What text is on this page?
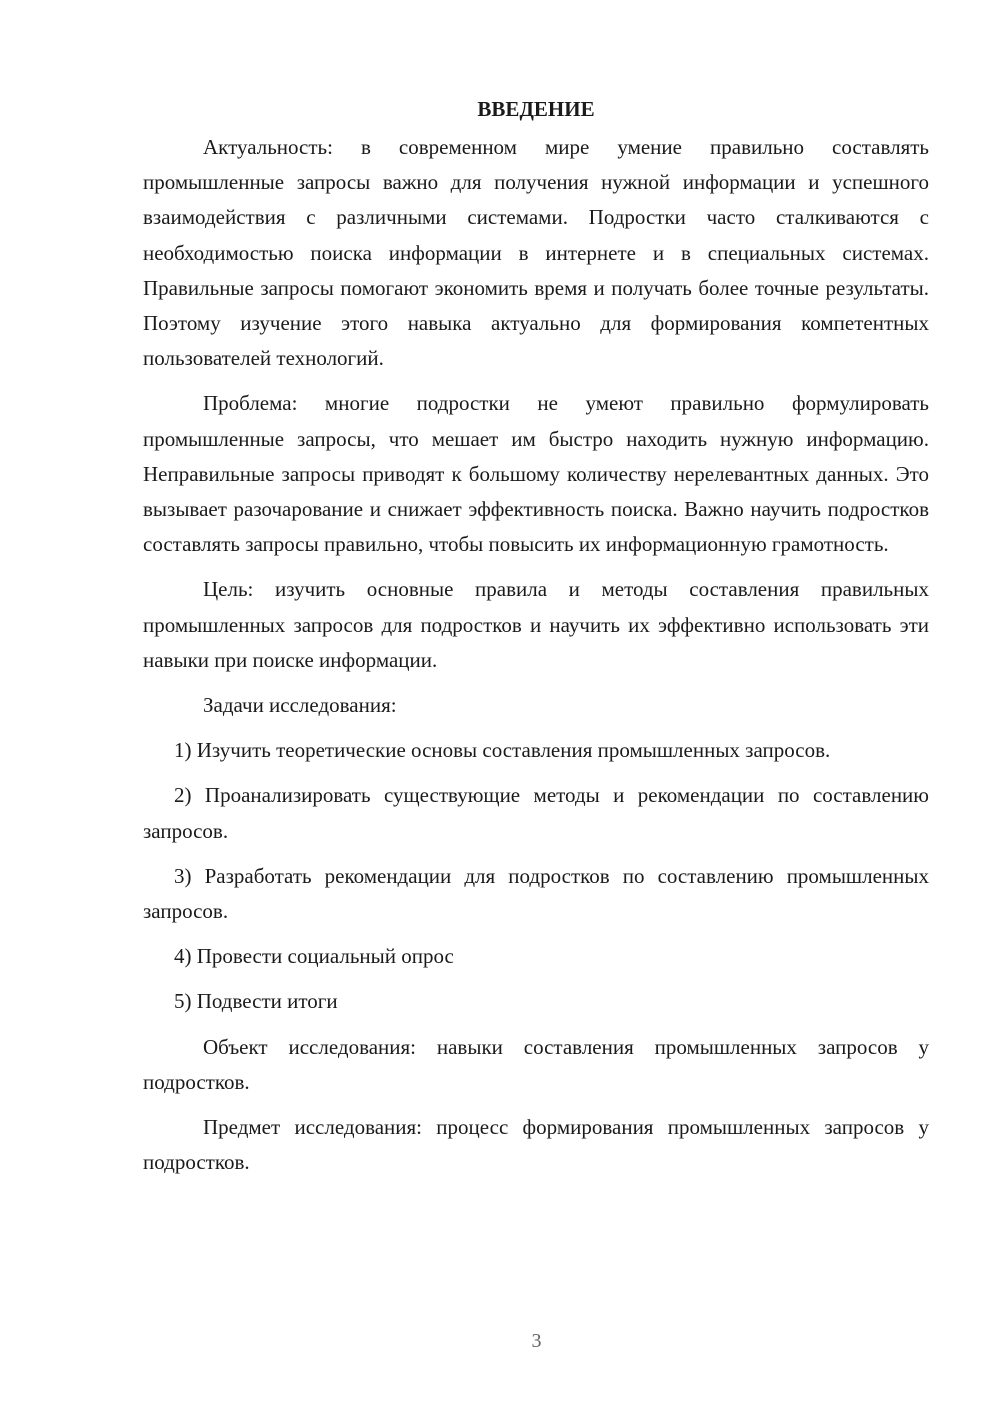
ВВЕДЕНИЕ

Актуальность: в современном мире умение правильно составлять промышленные запросы важно для получения нужной информации и успешного взаимодействия с различными системами. Подростки часто сталкиваются с необходимостью поиска информации в интернете и в специальных системах. Правильные запросы помогают экономить время и получать более точные результаты. Поэтому изучение этого навыка актуально для формирования компетентных пользователей технологий.

Проблема: многие подростки не умеют правильно формулировать промышленные запросы, что мешает им быстро находить нужную информацию. Неправильные запросы приводят к большому количеству нерелевантных данных. Это вызывает разочарование и снижает эффективность поиска. Важно научить подростков составлять запросы правильно, чтобы повысить их информационную грамотность.

Цель: изучить основные правила и методы составления правильных промышленных запросов для подростков и научить их эффективно использовать эти навыки при поиске информации.

Задачи исследования:

1) Изучить теоретические основы составления промышленных запросов.

2) Проанализировать существующие методы и рекомендации по составлению запросов.

3) Разработать рекомендации для подростков по составлению промышленных запросов.

4) Провести социальный опрос

5) Подвести итоги

Объект исследования: навыки составления промышленных запросов у подростков.

Предмет исследования: процесс формирования промышленных запросов у подростков.

3
